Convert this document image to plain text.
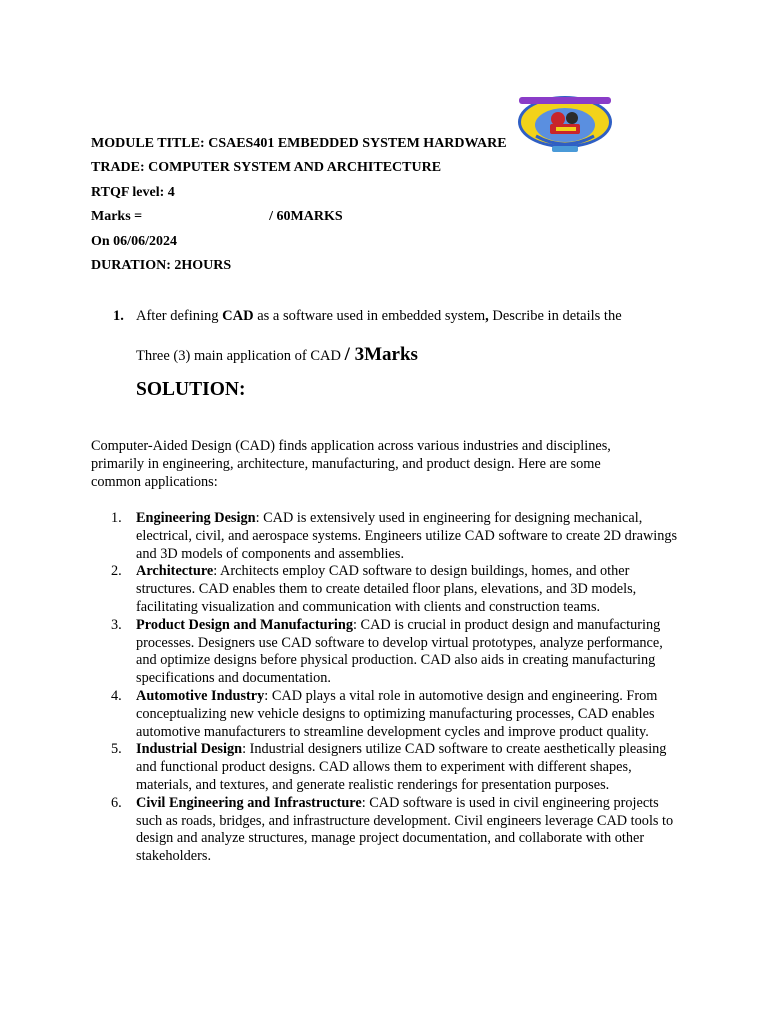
MODULE TITLE: CSAES401 EMBEDDED SYSTEM HARDWARE
TRADE: COMPUTER SYSTEM AND ARCHITECTURE
RTQF level: 4
Marks =	/ 60MARKS
On 06/06/2024
DURATION: 2HOURS
1. After defining CAD as a software used in embedded system, Describe in details the
Three (3) main application of CAD / 3Marks
SOLUTION:

Computer-Aided Design (CAD) finds application across various industries and disciplines, primarily in engineering, architecture, manufacturing, and product design. Here are some common applications:

1. Engineering Design: CAD is extensively used in engineering for designing mechanical, electrical, civil, and aerospace systems. Engineers utilize CAD software to create 2D drawings and 3D models of components and assemblies.
2. Architecture: Architects employ CAD software to design buildings, homes, and other structures. CAD enables them to create detailed floor plans, elevations, and 3D models, facilitating visualization and communication with clients and construction teams.
3. Product Design and Manufacturing: CAD is crucial in product design and manufacturing processes. Designers use CAD software to develop virtual prototypes, analyze performance, and optimize designs before physical production. CAD also aids in creating manufacturing specifications and documentation.
4. Automotive Industry: CAD plays a vital role in automotive design and engineering. From conceptualizing new vehicle designs to optimizing manufacturing processes, CAD enables automotive manufacturers to streamline development cycles and improve product quality.
5. Industrial Design: Industrial designers utilize CAD software to create aesthetically pleasing and functional product designs. CAD allows them to experiment with different shapes, materials, and textures, and generate realistic renderings for presentation purposes.
6. Civil Engineering and Infrastructure: CAD software is used in civil engineering projects such as roads, bridges, and infrastructure development. Civil engineers leverage CAD tools to design and analyze structures, manage project documentation, and collaborate with other stakeholders.
